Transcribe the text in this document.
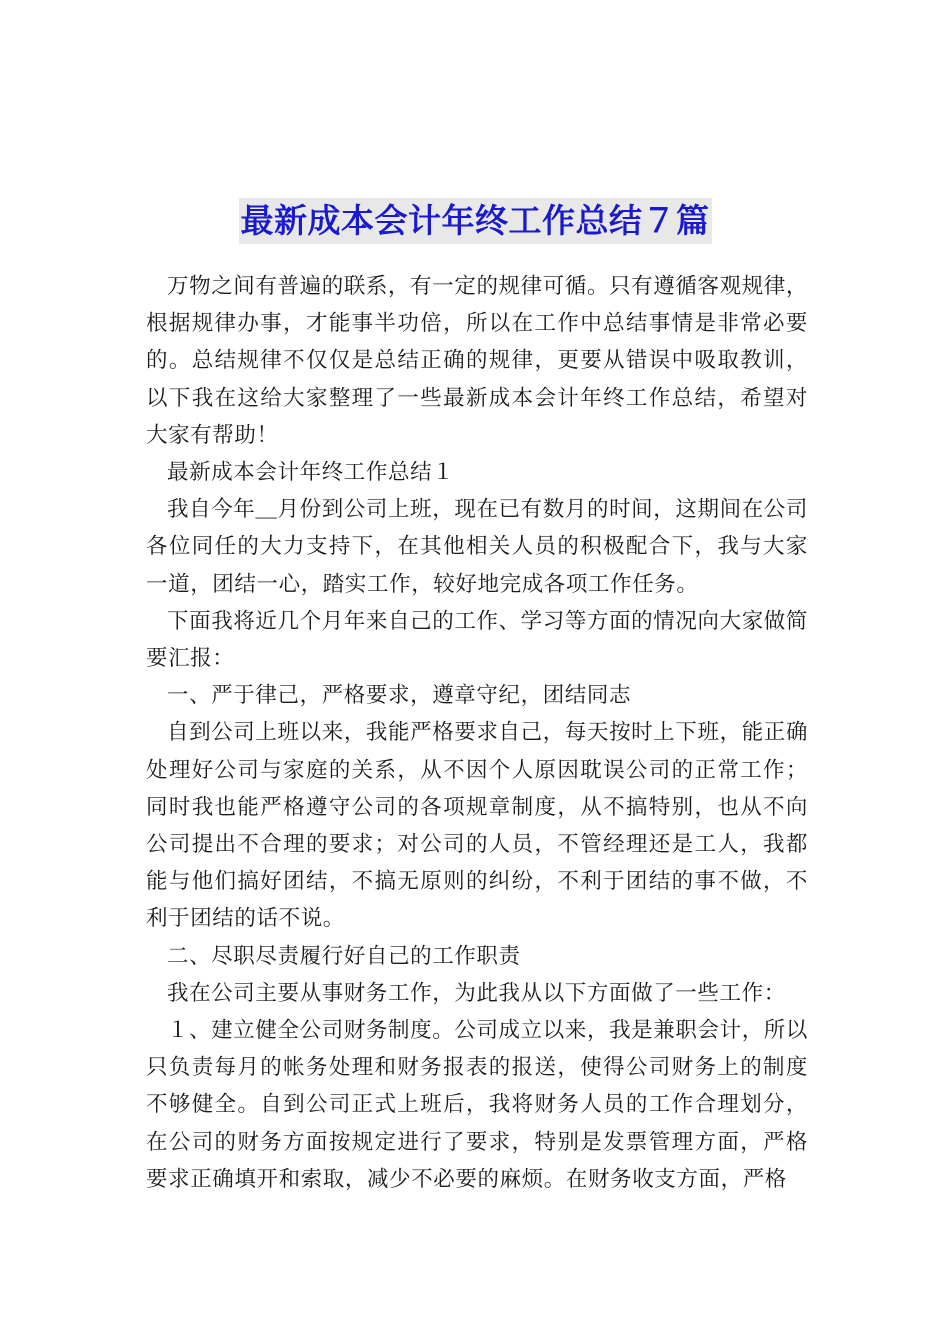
最新成本会计年终工作总结７篇

万物之间有普遍的联系，有一定的规律可循。只有遵循客观规律，根据规律办事，才能事半功倍，所以在工作中总结事情是非常必要的。总结规律不仅仅是总结正确的规律，更要从错误中吸取教训，以下我在这给大家整理了一些最新成本会计年终工作总结，希望对大家有帮助！

最新成本会计年终工作总结１

我自今年＿月份到公司上班，现在已有数月的时间，这期间在公司各位同任的大力支持下，在其他相关人员的积极配合下，我与大家一道，团结一心，踏实工作，较好地完成各项工作任务。

下面我将近几个月年来自己的工作、学习等方面的情况向大家做简要汇报：

一、严于律己，严格要求，遵章守纪，团结同志

自到公司上班以来，我能严格要求自己，每天按时上下班，能正确处理好公司与家庭的关系，从不因个人原因耽误公司的正常工作；同时我也能严格遵守公司的各项规章制度，从不搞特别，也从不向公司提出不合理的要求；对公司的人员，不管经理还是工人，我都能与他们搞好团结，不搞无原则的纠纷，不利于团结的事不做，不利于团结的话不说。

二、尽职尽责履行好自己的工作职责

我在公司主要从事财务工作，为此我从以下方面做了一些工作：

１、建立健全公司财务制度。公司成立以来，我是兼职会计，所以只负责每月的帐务处理和财务报表的报送，使得公司财务上的制度不够健全。自到公司正式上班后，我将财务人员的工作合理划分，在公司的财务方面按规定进行了要求，特别是发票管理方面，严格要求正确填开和索取，减少不必要的麻烦。在财务收支方面，严格
